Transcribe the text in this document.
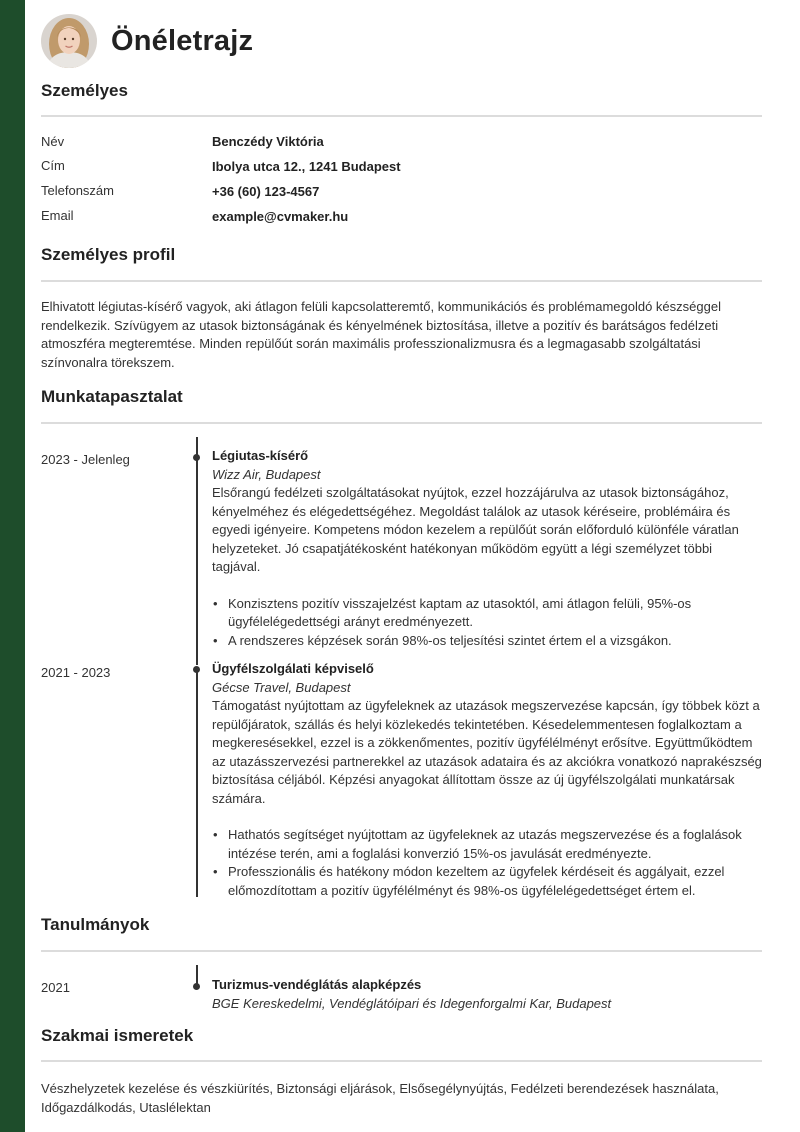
Önéletrajz
Személyes
Név	Benczédy Viktória
Cím	Ibolya utca 12., 1241 Budapest
Telefonszám	+36 (60) 123-4567
Email	example@cvmaker.hu
Személyes profil
Elhivatott légiutas-kísérő vagyok, aki átlagon felüli kapcsolatteremtő, kommunikációs és problémamegoldó készséggel rendelkezik. Szívügyem az utasok biztonságának és kényelmének biztosítása, illetve a pozitív és barátságos fedélzeti atmoszféra megteremtése. Minden repülőút során maximális professzionalizmusra és a legmagasabb szolgáltatási színvonalra törekszem.
Munkatapasztalat
2023 - Jelenleg	Légiutas-kísérő
Wizz Air, Budapest
Elsőrangú fedélzeti szolgáltatásokat nyújtok, ezzel hozzájárulva az utasok biztonságához, kényelméhez és elégedettségéhez. Megoldást találok az utasok kéréseire, problémáira és egyedi igényeire. Kompetens módon kezelem a repülőút során előforduló különféle váratlan helyzeteket. Jó csapatjátékosként hatékonyan működöm együtt a légi személyzet többi tagjával.
• Konzisztens pozitív visszajelzést kaptam az utasoktól, ami átlagon felüli, 95%-os ügyfélelégedettségi arányt eredményezett.
• A rendszeres képzések során 98%-os teljesítési szintet értem el a vizsgákon.
2021 - 2023	Ügyfélszolgálati képviselő
Gécse Travel, Budapest
Támogatást nyújtottam az ügyfeleknek az utazások megszervezése kapcsán, így többek közt a repülőjáratok, szállás és helyi közlekedés tekintetében. Késedelemmentesen foglalkoztam a megkeresésekkel, ezzel is a zökkenőmentes, pozitív ügyfélélményt erősítve. Együttműködtem az utazásszervezési partnerekkel az utazások adataira és az akciókra vonatkozó naprakészség biztosítása céljából. Képzési anyagokat állítottam össze az új ügyfélszolgálati munkatársak számára.
• Hathatós segítséget nyújtottam az ügyfeleknek az utazás megszervezése és a foglalások intézése terén, ami a foglalási konverzió 15%-os javulását eredményezte.
• Professzionális és hatékony módon kezeltem az ügyfelek kérdéseit és aggályait, ezzel előmozdítottam a pozitív ügyfélélményt és 98%-os ügyfélelégedettséget értem el.
Tanulmányok
2021	Turizmus-vendéglátás alapképzés
BGE Kereskedelmi, Vendéglátóipari és Idegenforgalmi Kar, Budapest
Szakmai ismeretek
Vészhelyzetek kezelése és vészkiürítés, Biztonsági eljárások, Elsősegélynyújtás, Fedélzeti berendezések használata, Időgazdálkodás, Utaslélektan
